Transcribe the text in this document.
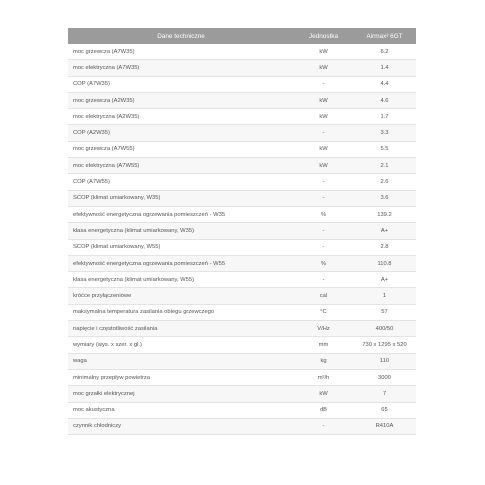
Dane techniczne	Jednostka	Airmax³ 6GT
moc grzewcza (A7W35)	kW	6.2
moc elektryczna (A7W35)	kW	1.4
COP (A7W35)	-	4.4
moc grzewcza (A2W35)	kW	4.6
moc elektryczna (A2W35)	kW	1.7
COP (A2W35)	-	3.3
moc grzewcza (A7W55)	kW	5.5
moc elektryczna (A7W55)	kW	2.1
COP (A7W55)	-	2.6
SCOP (klimat umiarkowany, W35)	-	3.6
efektywność energetyczna ogrzewania pomieszczeń - W35	%	139.2
klasa energetyczna (klimat umiarkowany, W35)	-	A+
SCOP (klimat umiarkowany, W55)	-	2.8
efektywność energetyczna ogrzewania pomieszczeń - W55	%	110.8
klasa energetyczna (klimat umiarkowany, W55)	-	A+
króćce przyłączeniowe	cal	1
maksymalna temperatura zasilania obiegu grzewczego	°C	57
napięcie i częstotliwość zasilania	V/Hz	400/50
wymiary (wys. x szer. x gł.)	mm	730 x 1295 x 520
waga	kg	110
minimalny przepływ powietrza	m³/h	3000
moc grzałki elektrycznej	kW	7
moc akustyczna	dB	65
czynnik chłodniczy	-	R410A
